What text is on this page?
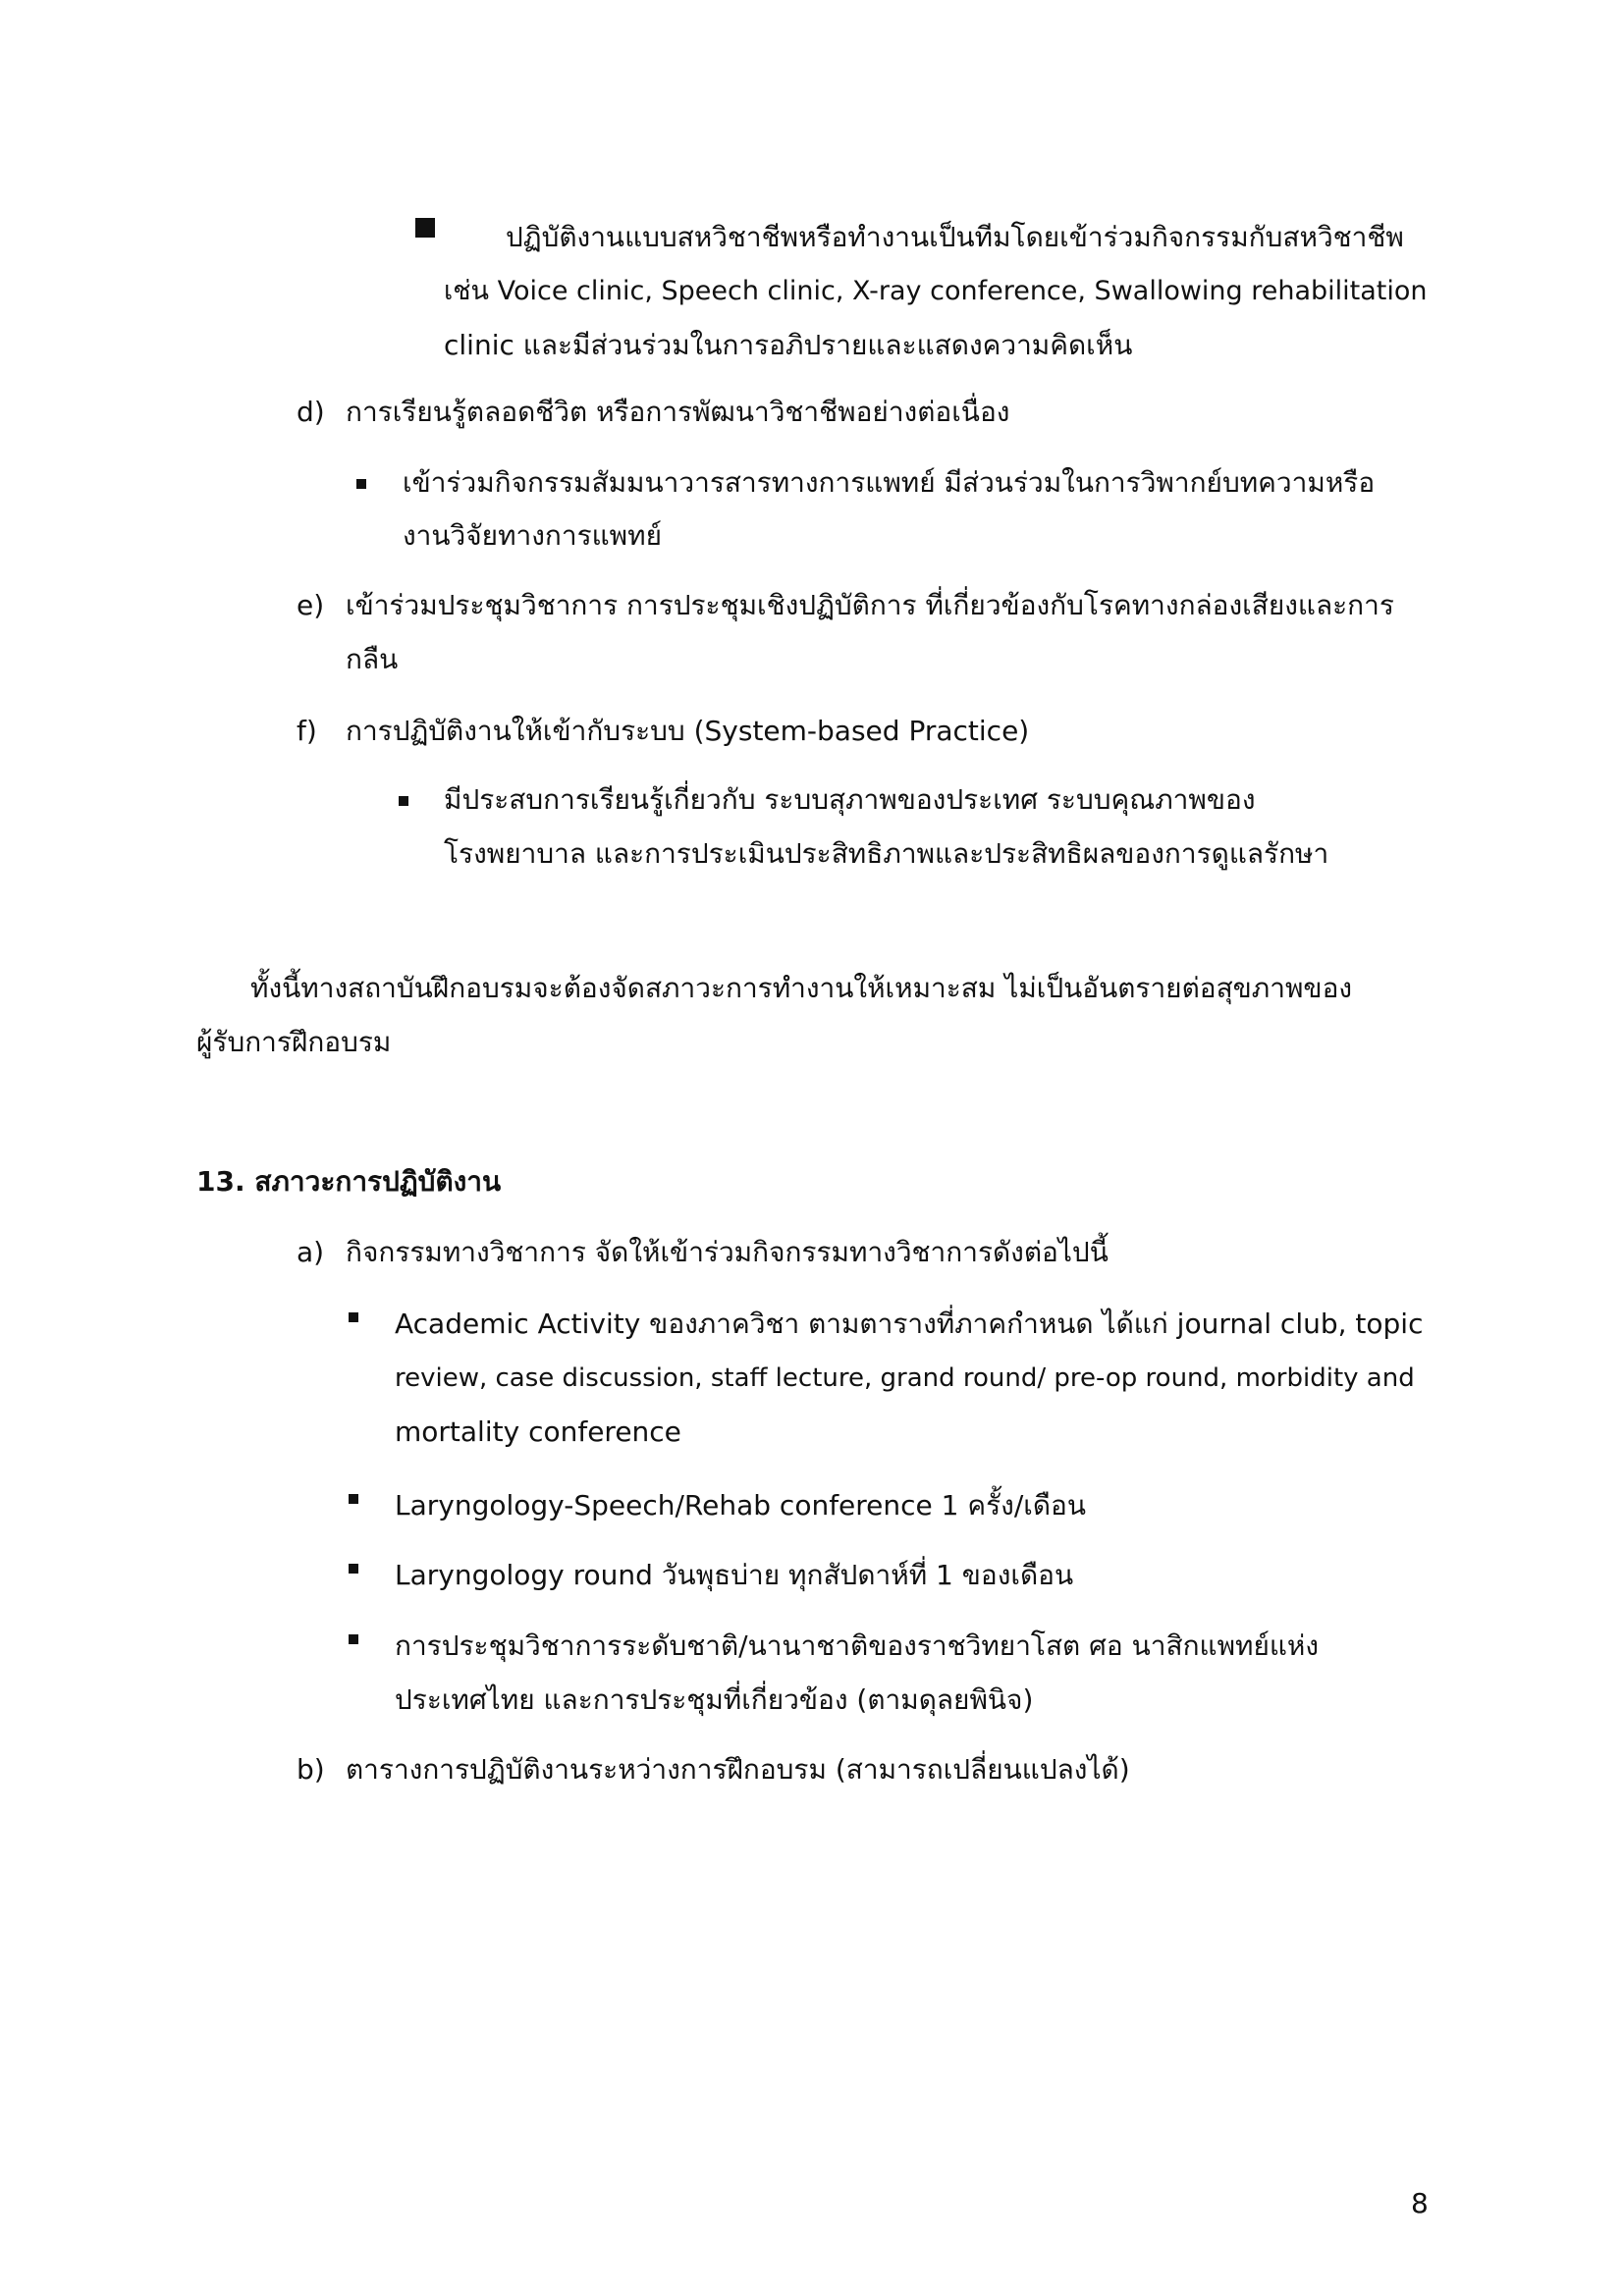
ปฏิบัติงานแบบสหวิชาชีพหรือทำงานเป็นทีมโดยเข้าร่วมกิจกรรมกับสหวิชาชีพ
เช่น Voice clinic, Speech clinic, X-ray conference, Swallowing rehabilitation
clinic และมีส่วนร่วมในการอภิปรายและแสดงความคิดเห็น
d) การเรียนรู้ตลอดชีวิต หรือการพัฒนาวิชาชีพอย่างต่อเนื่อง
เข้าร่วมกิจกรรมสัมมนาวารสารทางการแพทย์ มีส่วนร่วมในการวิพากย์บทความหรือ
งานวิจัยทางการแพทย์
e) เข้าร่วมประชุมวิชาการ การประชุมเชิงปฏิบัติการ ที่เกี่ยวข้องกับโรคทางกล่องเสียงและการ
กลืน
f) การปฏิบัติงานให้เข้ากับระบบ (System-based Practice)
มีประสบการเรียนรู้เกี่ยวกับ ระบบสุภาพของประเทศ ระบบคุณภาพของ
โรงพยาบาล และการประเมินประสิทธิภาพและประสิทธิผลของการดูแลรักษา
ทั้งนี้ทางสถาบันฝึกอบรมจะต้องจัดสภาวะการทำงานให้เหมาะสม ไม่เป็นอันตรายต่อสุขภาพของ
ผู้รับการฝึกอบรม
13. สภาวะการปฏิบัติงาน
a) กิจกรรมทางวิชาการ จัดให้เข้าร่วมกิจกรรมทางวิชาการดังต่อไปนี้
Academic Activity ของภาควิชา ตามตารางที่ภาคกำหนด ได้แก่ journal club, topic
review, case discussion, staff lecture, grand round/ pre-op round, morbidity and
mortality conference
Laryngology-Speech/Rehab conference 1 ครั้ง/เดือน
Laryngology round วันพุธบ่าย ทุกสัปดาห์ที่ 1 ของเดือน
การประชุมวิชาการระดับชาติ/นานาชาติของราชวิทยาโสต ศอ นาสิกแพทย์แห่ง
ประเทศไทย และการประชุมที่เกี่ยวข้อง (ตามดุลยพินิจ)
b) ตารางการปฏิบัติงานระหว่างการฝึกอบรม (สามารถเปลี่ยนแปลงได้)
8
